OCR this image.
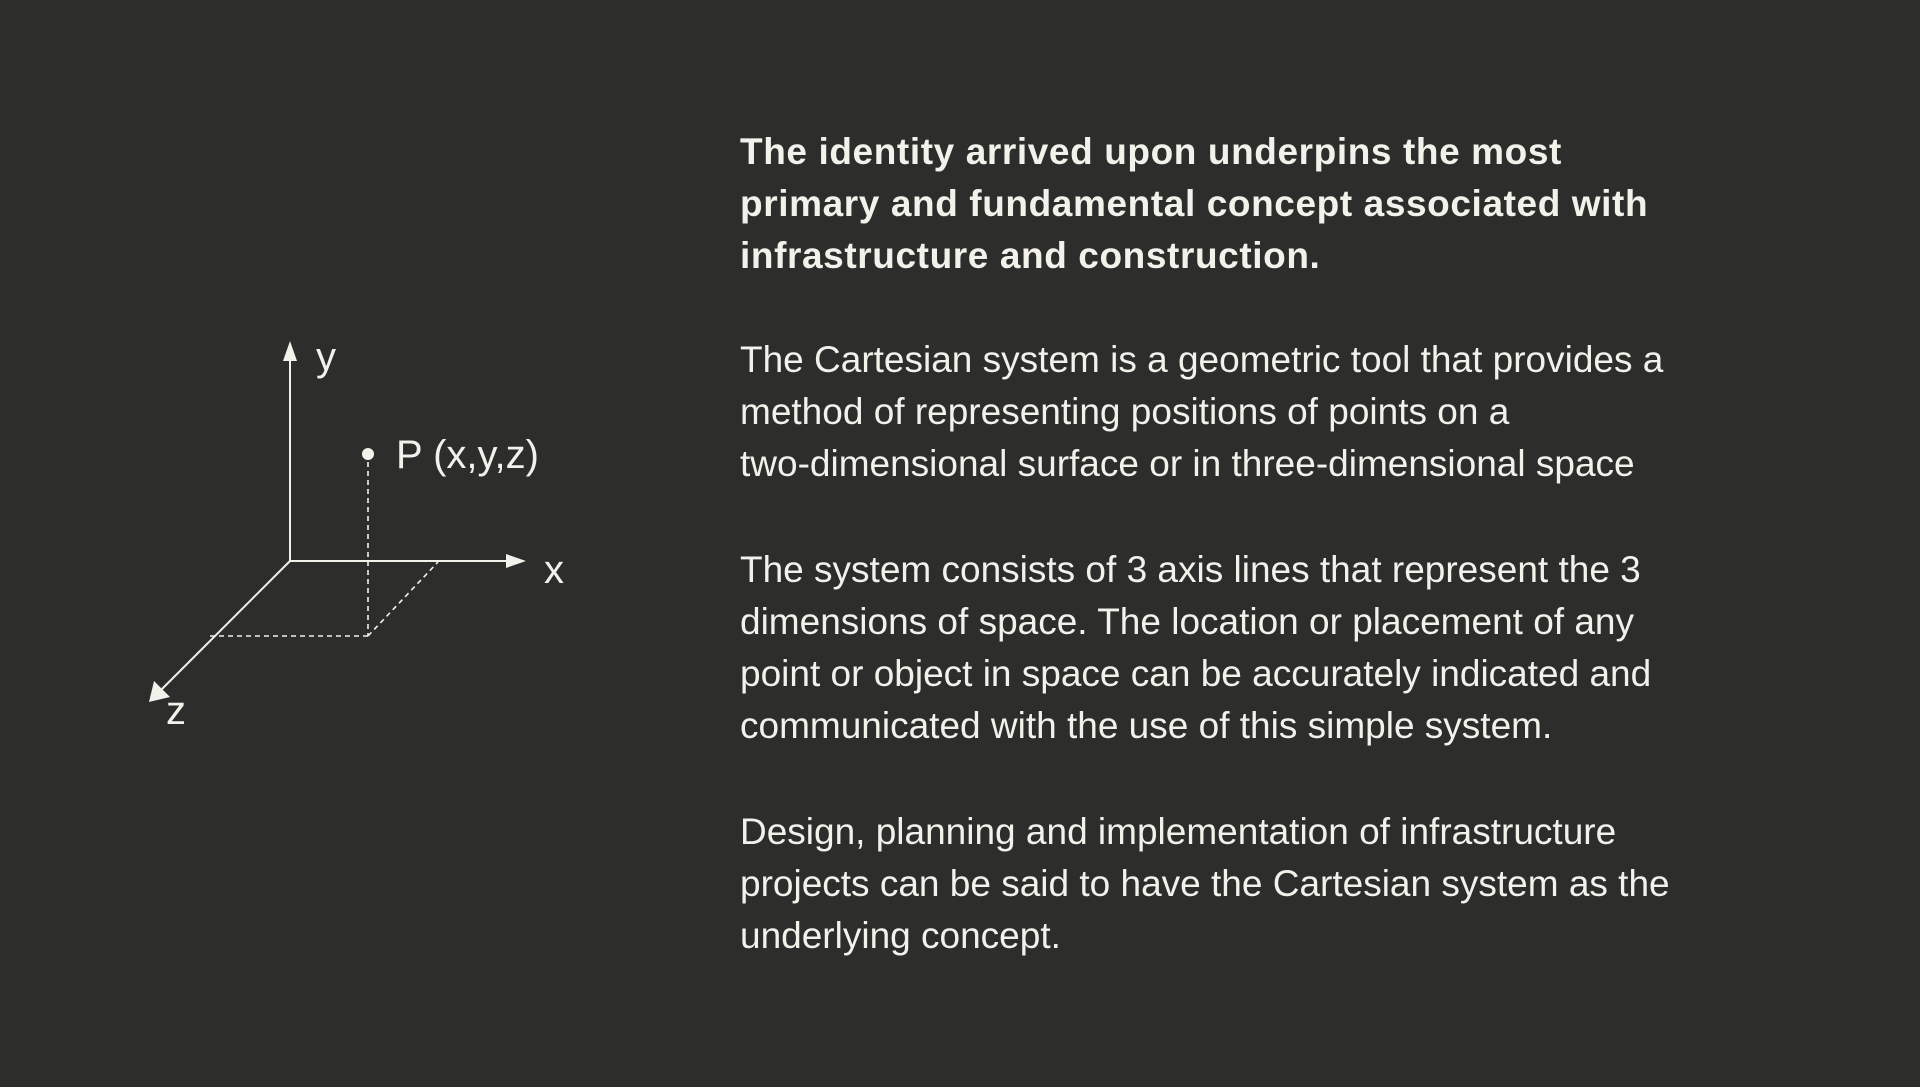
y
x
z
P (x,y,z)

The identity arrived upon underpins the most
primary and fundamental concept associated with
infrastructure and construction.

The Cartesian system is a geometric tool that provides a
method of representing positions of points on a
two-dimensional surface or in three-dimensional space

The system consists of 3 axis lines that represent the 3
dimensions of space. The location or placement of any
point or object in space can be accurately indicated and
communicated with the use of this simple system.

Design, planning and implementation of infrastructure
projects can be said to have the Cartesian system as the
underlying concept.
